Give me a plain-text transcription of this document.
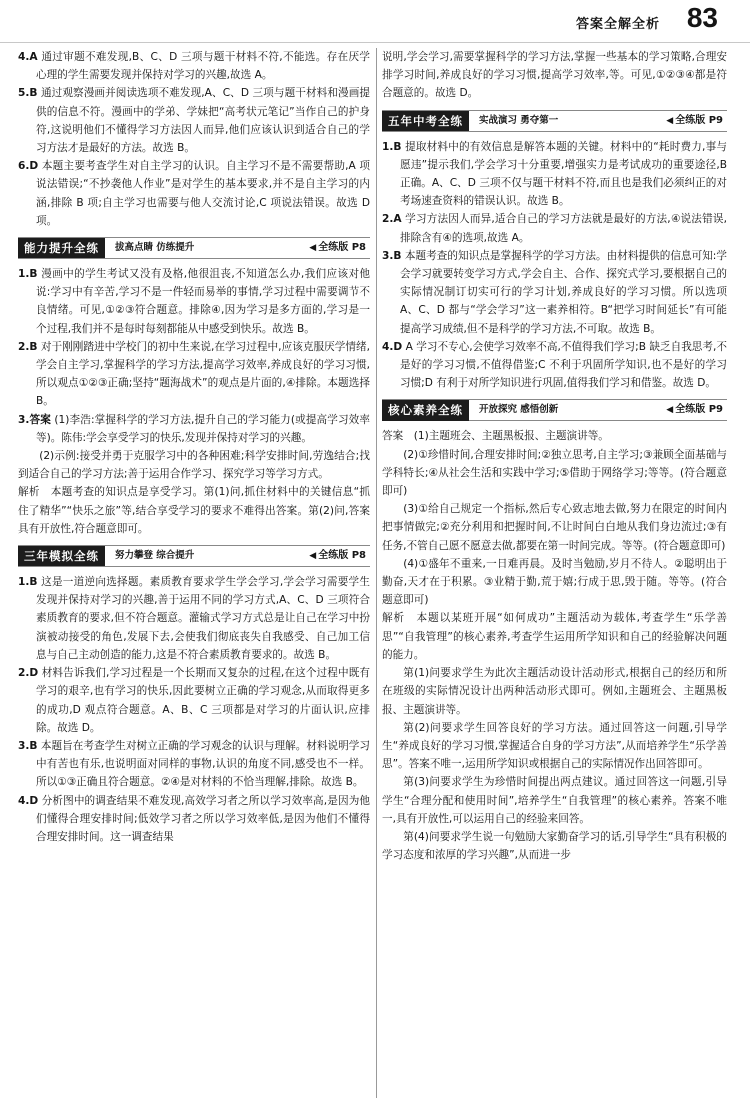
答案全解全析 83
4.A 通过审题不难发现,B、C、D 三项与题干材料不符,不能选。存在厌学心理的学生需要发现并保持对学习的兴趣,故选 A。
5.B 通过观察漫画并阅读选项不难发现,A、C、D 三项与题干材料和漫画提供的信息不符。漫画中的学弟、学妹把“高考状元笔记”当作自己的护身符,这说明他们不懂得学习方法因人而异,他们应该认识到适合自己的学习方法才是最好的方法。故选 B。
6.D 本题主要考查学生对自主学习的认识。自主学习不是不需要帮助,A 项说法错误;“不抄袭他人作业”是对学生的基本要求,并不是自主学习的内涵,排除 B 项;自主学习也需要与他人交流讨论,C 项说法错误。故选 D 项。
能力提升全练	拔高点睛 仿练提升	◀ 全练版 P8
1.B 漫画中的学生考试又没有及格,他很沮丧,不知道怎么办,我们应该对他说:学习中有辛苦,学习不是一件轻而易举的事情,学习过程中需要调节不良情绪。可见,①②③符合题意。排除④,因为学习是多方面的,学习是一个过程,我们并不是每时每刻都能从中感受到快乐。故选 B。
2.B 对于刚刚踏进中学校门的初中生来说,在学习过程中,应该克服厌学情绪,学会自主学习,掌握科学的学习方法,提高学习效率,养成良好的学习习惯,所以观点①②③正确;坚持“题海战术”的观点是片面的,④排除。本题选择 B。
3.答案 (1)李浩:掌握科学的学习方法,提升自己的学习能力(或提高学习效率等)。陈伟:学会享受学习的快乐,发现并保持对学习的兴趣。
(2)示例:接受并勇于克服学习中的各种困难;科学安排时间,劳逸结合;找到适合自己的学习方法;善于运用合作学习、探究学习等学习方式。
解析　本题考查的知识点是享受学习。第(1)问,抓住材料中的关键信息“抓住了精华”“快乐之旅”等,结合享受学习的要求不难得出答案。第(2)问,答案具有开放性,符合题意即可。
三年模拟全练	努力攀登 综合提升	◀ 全练版 P8
1.B 这是一道逆向选择题。素质教育要求学生学会学习,学会学习需要学生发现并保持对学习的兴趣,善于运用不同的学习方式,A、C、D 三项符合素质教育的要求,但不符合题意。灌输式学习方式总是让自己在学习中扮演被动接受的角色,发展下去,会使我们彻底丧失自我感受、自己加工信息与自己主动创造的能力,这是不符合素质教育要求的。故选 B。
2.D 材料告诉我们,学习过程是一个长期而又复杂的过程,在这个过程中既有学习的艰辛,也有学习的快乐,因此要树立正确的学习观念,从而取得更多的成功,D 观点符合题意。A、B、C 三项都是对学习的片面认识,应排除。故选 D。
3.B 本题旨在考查学生对树立正确的学习观念的认识与理解。材料说明学习中有苦也有乐,也说明面对同样的事物,认识的角度不同,感受也不一样。所以①③正确且符合题意。②④是对材料的不恰当理解,排除。故选 B。
4.D 分析图中的调查结果不难发现,高效学习者之所以学习效率高,是因为他们懂得合理安排时间;低效学习者之所以学习效率低,是因为他们不懂得合理安排时间。这一调查结果
说明,学会学习,需要掌握科学的学习方法,掌握一些基本的学习策略,合理安排学习时间,养成良好的学习习惯,提高学习效率,等。可见,①②③④都是符合题意的。故选 D。
五年中考全练	实战演习 勇夺第一	◀ 全练版 P9
1.B 提取材料中的有效信息是解答本题的关键。材料中的“耗时费力,事与愿违”提示我们,学会学习十分重要,增强实力是考试成功的重要途径,B 正确。A、C、D 三项不仅与题干材料不符,而且也是我们必须纠正的对考场速查资料的错误认识。故选 B。
2.A 学习方法因人而异,适合自己的学习方法就是最好的方法,④说法错误,排除含有④的选项,故选 A。
3.B 本题考查的知识点是掌握科学的学习方法。由材料提供的信息可知:学会学习就要转变学习方式,学会自主、合作、探究式学习,要根据自己的实际情况制订切实可行的学习计划,养成良好的学习习惯。所以选项 A、C、D 都与“学会学习”这一素养相符。B“把学习时间延长”有可能提高学习成绩,但不是科学的学习方法,不可取。故选 B。
4.D A 学习不专心,会使学习效率不高,不值得我们学习;B 缺乏自我思考,不是好的学习习惯,不值得借鉴;C 不利于巩固所学知识,也不是好的学习习惯;D 有利于对所学知识进行巩固,值得我们学习和借鉴。故选 D。
核心素养全练	开放探究 感悟创新	◀ 全练版 P9
答案　(1)主题班会、主题黑板报、主题演讲等。
(2)①珍惜时间,合理安排时间;②独立思考,自主学习;③兼顾全面基础与学科特长;④从社会生活和实践中学习;⑤借助于网络学习;等等。(符合题意即可)
(3)①给自己规定一个指标,然后专心致志地去做,努力在限定的时间内把事情做完;②充分利用和把握时间,不让时间白白地从我们身边流过;③有任务,不管自己愿不愿意去做,都要在第一时间完成。等等。(符合题意即可)
(4)①盛年不重来,一日难再晨。及时当勉励,岁月不待人。②聪明出于勤奋,天才在于积累。③业精于勤,荒于嬉;行成于思,毁于随。等等。(符合题意即可)
解析　本题以某班开展“如何成功”主题活动为载体,考查学生“乐学善思”“自我管理”的核心素养,考查学生运用所学知识和自己的经验解决问题的能力。
第(1)问要求学生为此次主题活动设计活动形式,根据自己的经历和所在班级的实际情况设计出两种活动形式即可。例如,主题班会、主题黑板报、主题演讲等。
第(2)问要求学生回答良好的学习方法。通过回答这一问题,引导学生“养成良好的学习习惯,掌握适合自身的学习方法”,从而培养学生“乐学善思”。答案不唯一,运用所学知识或根据自己的实际情况作出回答即可。
第(3)问要求学生为珍惜时间提出两点建议。通过回答这一问题,引导学生“合理分配和使用时间”,培养学生“自我管理”的核心素养。答案不唯一,具有开放性,可以运用自己的经验来回答。
第(4)问要求学生说一句勉励大家勤奋学习的话,引导学生“具有积极的学习态度和浓厚的学习兴趣”,从而进一步
